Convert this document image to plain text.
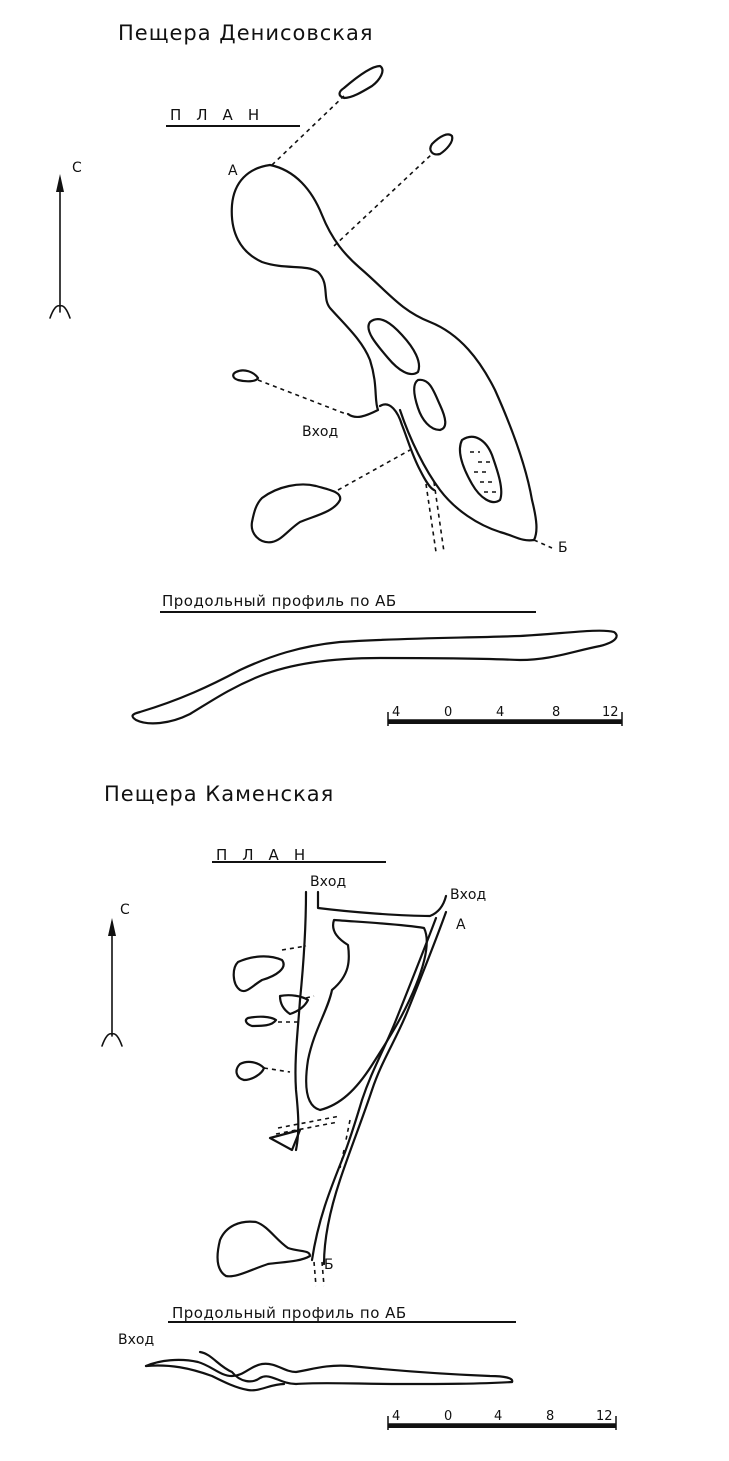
Пещера Денисовская
ПЛАН
С	А
Б
Вход
Продольный профиль по АБ
4	0	4	8	12
Пещера Каменская
ПЛАН
С
Вход
Вход
А
Б
Продольный профиль по АБ
Вход
4	0	4	8	12
